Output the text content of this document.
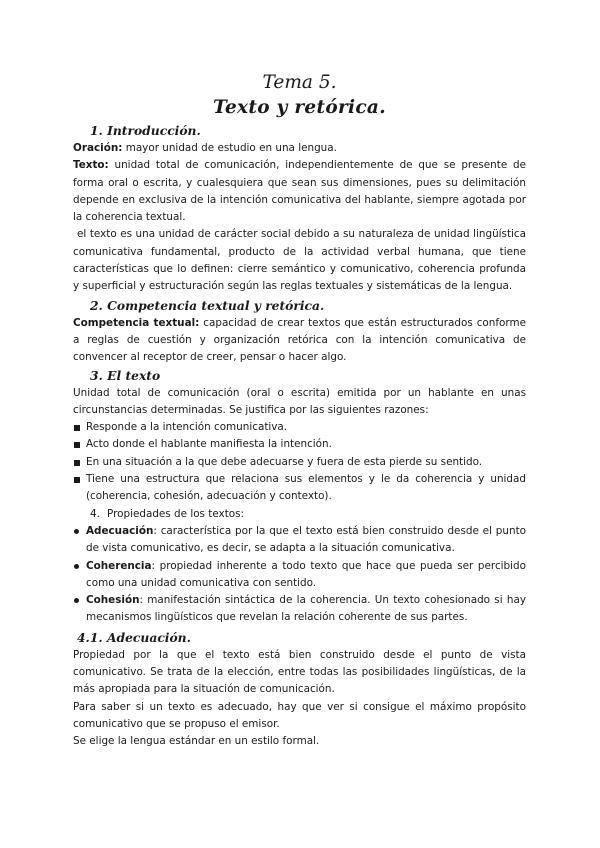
Tema 5.
Texto y retórica.
1. Introducción.

Oración: mayor unidad de estudio en una lengua.

Texto: unidad total de comunicación, independientemente de que se presente de forma oral o escrita, y cualesquiera que sean sus dimensiones, pues su delimitación depende en exclusiva de la intención comunicativa del hablante, siempre agotada por la coherencia textual.

el texto es una unidad de carácter social debido a su naturaleza de unidad lingüística comunicativa fundamental, producto de la actividad verbal humana, que tiene características que lo definen: cierre semántico y comunicativo, coherencia profunda y superficial y estructuración según las reglas textuales y sistemáticas de la lengua.

2. Competencia textual y retórica.

Competencia textual: capacidad de crear textos que están estructurados conforme a reglas de cuestión y organización retórica con la intención comunicativa de convencer al receptor de creer, pensar o hacer algo.

3. El texto

Unidad total de comunicación (oral o escrita) emitida por un hablante en unas circunstancias determinadas. Se justifica por las siguientes razones:

Responde a la intención comunicativa.
Acto donde el hablante manifiesta la intención.
En una situación a la que debe adecuarse y fuera de esta pierde su sentido.
Tiene una estructura que relaciona sus elementos y le da coherencia y unidad (coherencia, cohesión, adecuación y contexto).
4. Propiedades de los textos:
Adecuación: característica por la que el texto está bien construido desde el punto de vista comunicativo, es decir, se adapta a la situación comunicativa.
Coherencia: propiedad inherente a todo texto que hace que pueda ser percibido como una unidad comunicativa con sentido.
Cohesión: manifestación sintáctica de la coherencia. Un texto cohesionado si hay mecanismos lingüísticos que revelan la relación coherente de sus partes.
4.1. Adecuación.

Propiedad por la que el texto está bien construido desde el punto de vista comunicativo. Se trata de la elección, entre todas las posibilidades lingüísticas, de la más apropiada para la situación de comunicación.

Para saber si un texto es adecuado, hay que ver si consigue el máximo propósito comunicativo que se propuso el emisor.

Se elige la lengua estándar en un estilo formal.
